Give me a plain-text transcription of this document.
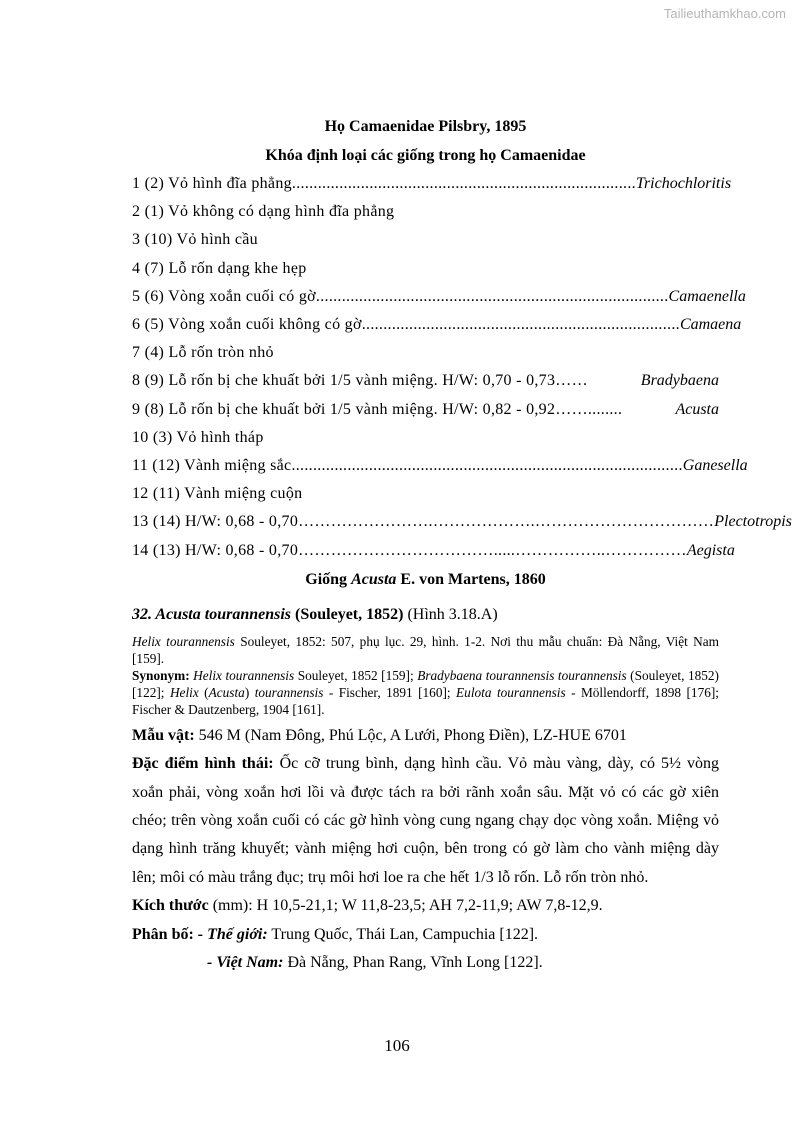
Tailieuthamkhao.com
Họ Camaenidae Pilsbry, 1895
Khóa định loại các giống trong họ Camaenidae
1 (2) Vỏ hình đĩa phẳng................................................................................ Trichochloritis
2 (1) Vỏ không có dạng hình đĩa phẳng
3 (10) Vỏ hình cầu
4 (7) Lỗ rốn dạng khe hẹp
5 (6) Vòng xoắn cuối có gờ.................................................................................. Camaenella
6 (5) Vòng xoắn cuối không có gờ.......................................................................... Camaena
7 (4) Lỗ rốn tròn nhỏ
8 (9) Lỗ rốn bị che khuất bởi 1/5 vành miệng. H/W: 0,70 - 0,73……	Bradybaena
9 (8) Lỗ rốn bị che khuất bởi 1/5 vành miệng. H/W: 0,82 - 0,92……........	Acusta
10 (3) Vỏ hình tháp
11 (12) Vành miệng sắc........................................................................................... Ganesella
12 (11) Vành miệng cuộn
13 (14) H/W: 0,68 - 0,70…………………….……………….…………………………… Plectotropis
14 (13) H/W: 0,68 - 0,70……………………………….....……………..…………… Aegista
Giống Acusta E. von Martens, 1860
32. Acusta tourannensis (Souleyet, 1852) (Hình 3.18.A)
Helix tourannensis Souleyet, 1852: 507, phụ lục. 29, hình. 1-2. Nơi thu mẫu chuẩn: Đà Nẵng, Việt Nam [159].
Synonym: Helix tourannensis Souleyet, 1852 [159]; Bradybaena tourannensis tourannensis (Souleyet, 1852) [122]; Helix (Acusta) tourannensis - Fischer, 1891 [160]; Eulota tourannensis - Möllendorff, 1898 [176]; Fischer & Dautzenberg, 1904 [161].
Mẫu vật: 546 M (Nam Đông, Phú Lộc, A Lưới, Phong Điền), LZ-HUE 6701
Đặc điểm hình thái: Ốc cỡ trung bình, dạng hình cầu. Vỏ màu vàng, dày, có 5½ vòng xoắn phải, vòng xoắn hơi lồi và được tách ra bởi rãnh xoắn sâu. Mặt vỏ có các gờ xiên chéo; trên vòng xoắn cuối có các gờ hình vòng cung ngang chạy dọc vòng xoắn. Miệng vỏ dạng hình trăng khuyết; vành miệng hơi cuộn, bên trong có gờ làm cho vành miệng dày lên; môi có màu trắng đục; trụ môi hơi loe ra che hết 1/3 lỗ rốn. Lỗ rốn tròn nhỏ.
Kích thước (mm): H 10,5-21,1; W 11,8-23,5; AH 7,2-11,9; AW 7,8-12,9.
Phân bố: - Thế giới: Trung Quốc, Thái Lan, Campuchia [122].
- Việt Nam: Đà Nẵng, Phan Rang, Vĩnh Long [122].
106
